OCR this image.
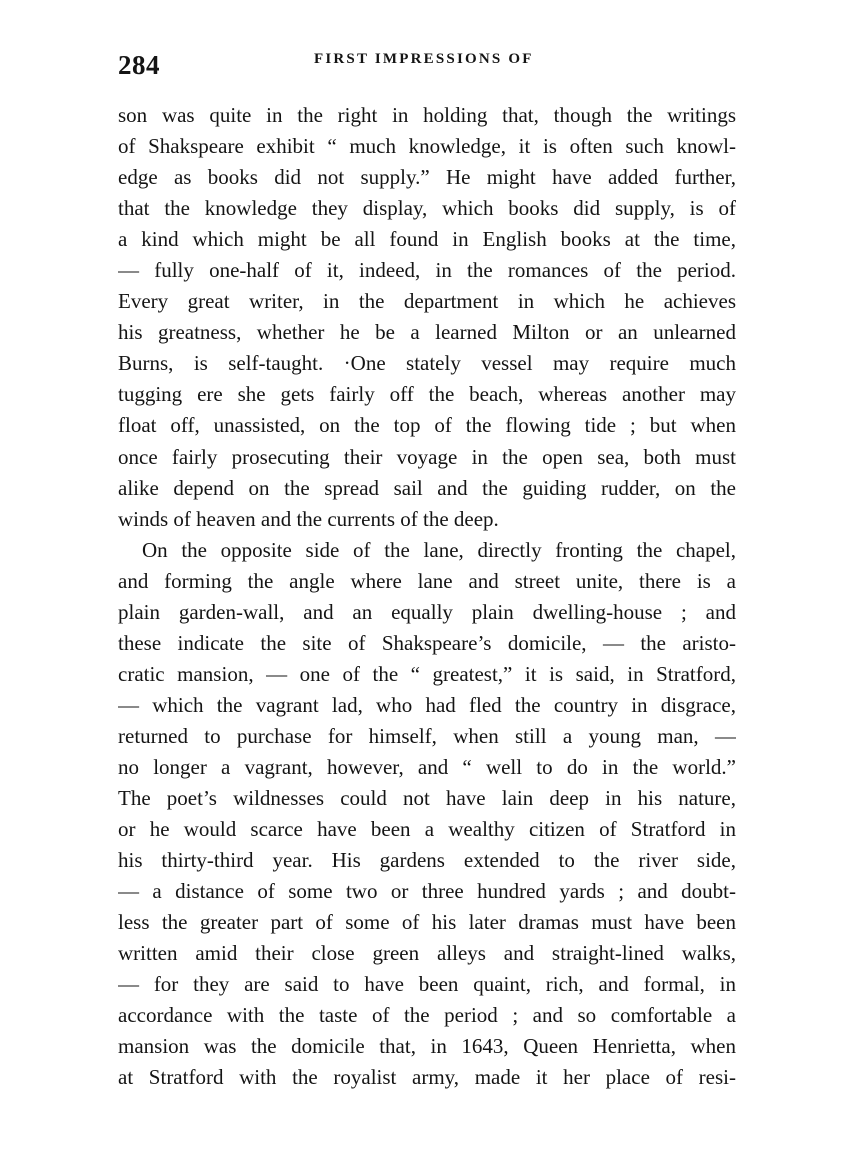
284	FIRST IMPRESSIONS OF
son was quite in the right in holding that, though the writings
of Shakspeare exhibit “ much knowledge, it is often such knowl-
edge as books did not supply.” He might have added further,
that the knowledge they display, which books did supply, is of
a kind which might be all found in English books at the time,
— fully one-half of it, indeed, in the romances of the period.
Every great writer, in the department in which he achieves
his greatness, whether he be a learned Milton or an unlearned
Burns, is self-taught. ·One stately vessel may require much
tugging ere she gets fairly off the beach, whereas another may
float off, unassisted, on the top of the flowing tide ; but when
once fairly prosecuting their voyage in the open sea, both must
alike depend on the spread sail and the guiding rudder, on the
winds of heaven and the currents of the deep.
On the opposite side of the lane, directly fronting the chapel,
and forming the angle where lane and street unite, there is a
plain garden-wall, and an equally plain dwelling-house ; and
these indicate the site of Shakspeare’s domicile, — the aristo-
cratic mansion, — one of the “ greatest,” it is said, in Stratford,
— which the vagrant lad, who had fled the country in disgrace,
returned to purchase for himself, when still a young man, —
no longer a vagrant, however, and “ well to do in the world.”
The poet’s wildnesses could not have lain deep in his nature,
or he would scarce have been a wealthy citizen of Stratford in
his thirty-third year. His gardens extended to the river side,
— a distance of some two or three hundred yards ; and doubt-
less the greater part of some of his later dramas must have been
written amid their close green alleys and straight-lined walks,
— for they are said to have been quaint, rich, and formal, in
accordance with the taste of the period ; and so comfortable a
mansion was the domicile that, in 1643, Queen Henrietta, when
at Stratford with the royalist army, made it her place of resi-
